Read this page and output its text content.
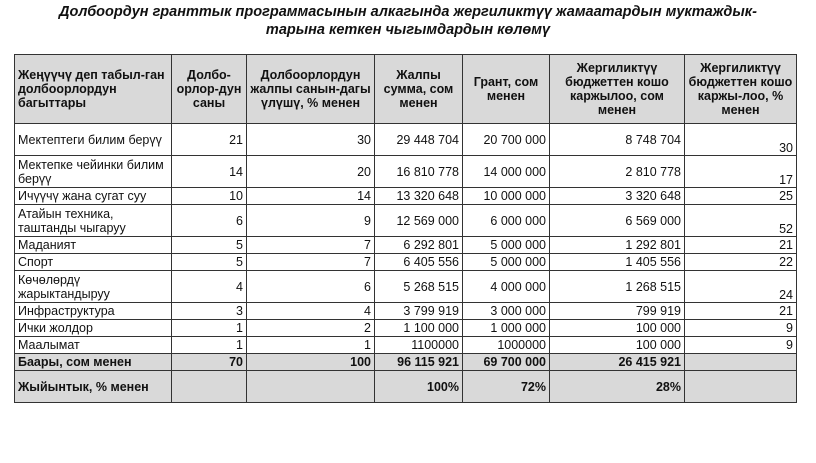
Долбоордун гранттык программасынын алкагында жергиликтүү жамаатардын муктаждык-
тарына кеткен чыгымдардын көлөмү
Жеңүүчү деп табыл-ган долбоорлордун багыттары	Долбо-орлор-дун саны	Долбоорлордун жалпы санын-дагы үлүшү, % менен	Жалпы сумма, сом менен	Грант, сом менен	Жергиликтүү бюджеттен кошо каржылоо, сом менен	Жергиликтүү бюджеттен кошо каржы-лоо, % менен
Мектептеги билим берүү	21	30	29 448 704	20 700 000	8 748 704	30
Мектепке чейинки билим берүү	14	20	16 810 778	14 000 000	2 810 778	17
Ичүүчү жана сугат суу	10	14	13 320 648	10 000 000	3 320 648	25
Атайын техника, таштанды чыгаруу	6	9	12 569 000	6 000 000	6 569 000	52
Маданият	5	7	6 292 801	5 000 000	1 292 801	21
Спорт	5	7	6 405 556	5 000 000	1 405 556	22
Көчөлөрдү жарыктандыруу	4	6	5 268 515	4 000 000	1 268 515	24
Инфраструктура	3	4	3 799 919	3 000 000	799 919	21
Ички жолдор	1	2	1 100 000	1 000 000	100 000	9
Маалымат	1	1	1100000	1000000	100 000	9
Баары, сом менен	70	100	96 115 921	69 700 000	26 415 921	
Жыйынтык, % менен			100%	72%	28%	
